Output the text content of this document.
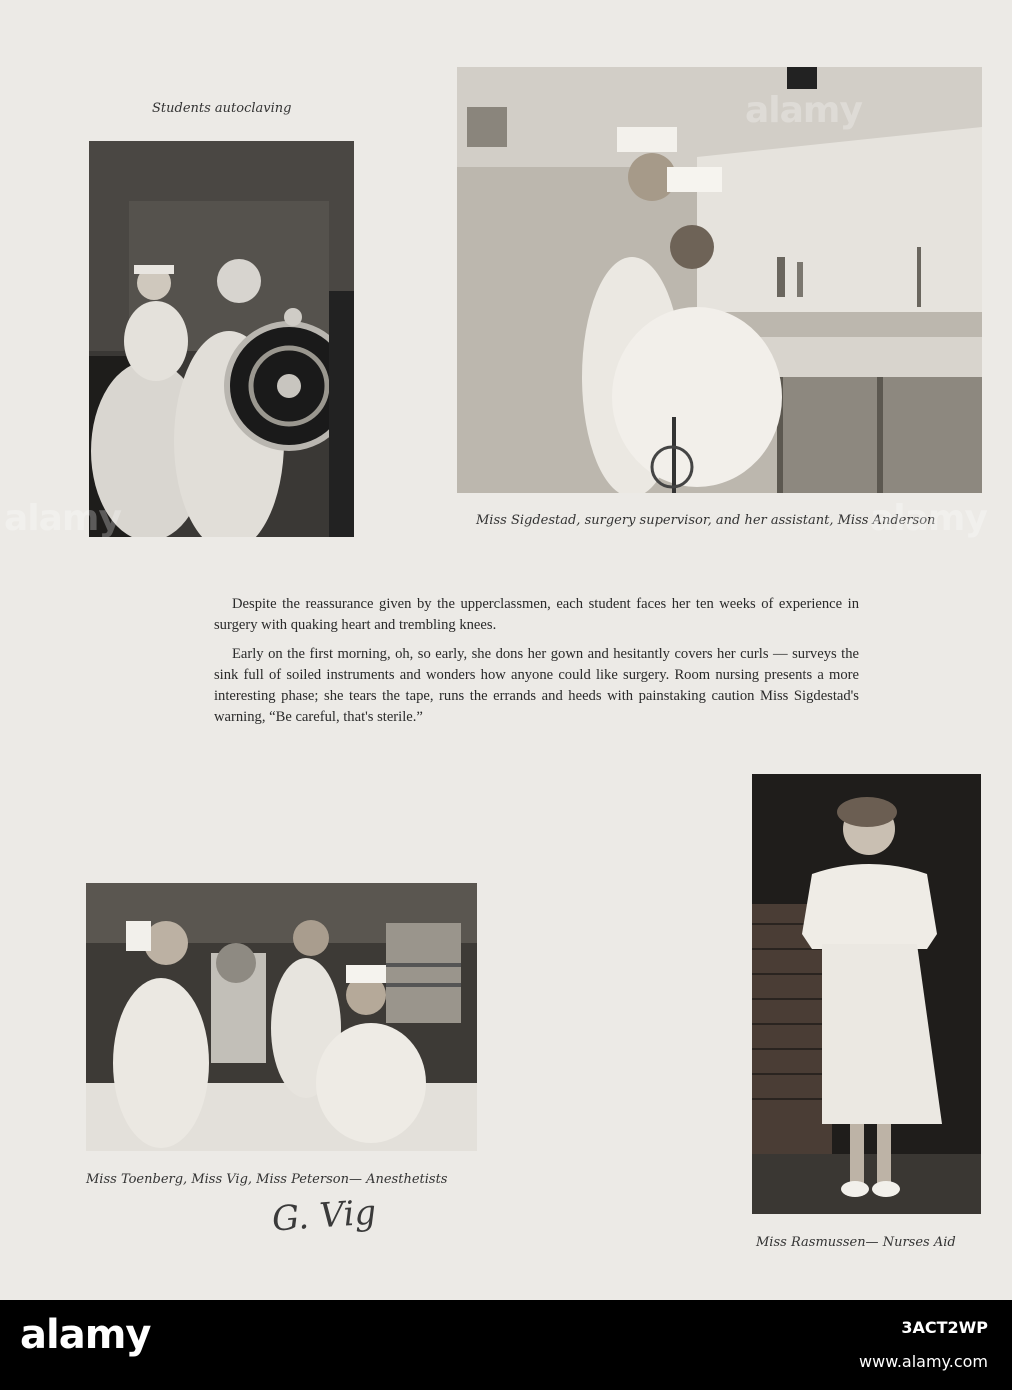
Students autoclaving
Miss Sigdestad, surgery supervisor, and her assistant, Miss Anderson

Despite the reassurance given by the upperclassmen, each student faces her ten weeks of experience in surgery with quaking heart and trembling knees.

Early on the first morning, oh, so early, she dons her gown and hesitantly covers her curls — surveys the sink full of soiled instruments and wonders how anyone could like surgery. Room nursing presents a more interesting phase; she tears the tape, runs the errands and heeds with painstaking caution Miss Sigdestad's warning, “Be careful, that's sterile.”

Miss Rasmussen— Nurses Aid
Miss Toenberg, Miss Vig, Miss Peterson— Anesthetists
G. Vig
alamy	alamy
alamy
alamy	3ACT2WP
www.alamy.com
